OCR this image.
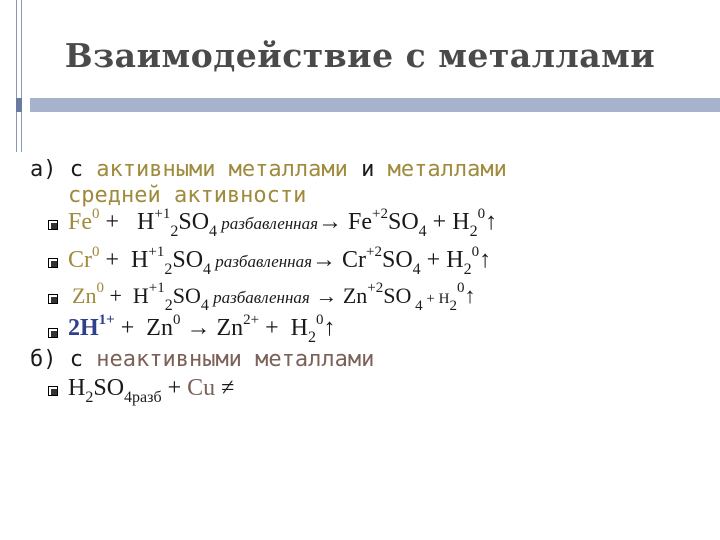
Взаимодействие с металлами
а) с активными металлами и металлами
средней активности
$Fe^0 + H^{+1}_2SO_4$ разбавленная→ $Fe^{+2}SO_4$ + $H_2^0↑$
$Cr^0 + H^{+1}_2SO_4$ разбавленная→ $Cr^{+2}SO_4$ + $H_2^0↑$
$Zn^0 + H^{+1}_2SO_4$ разбавленная → $Zn^{+2}SO$ $_4 + H_2^0↑$
$2H^{1+} + Zn^0 \to Zn^{2+}$ +  $H_2^0↑$
б) с неактивными металлами
$H_2SO_{4разб} + Cu$ ≠
